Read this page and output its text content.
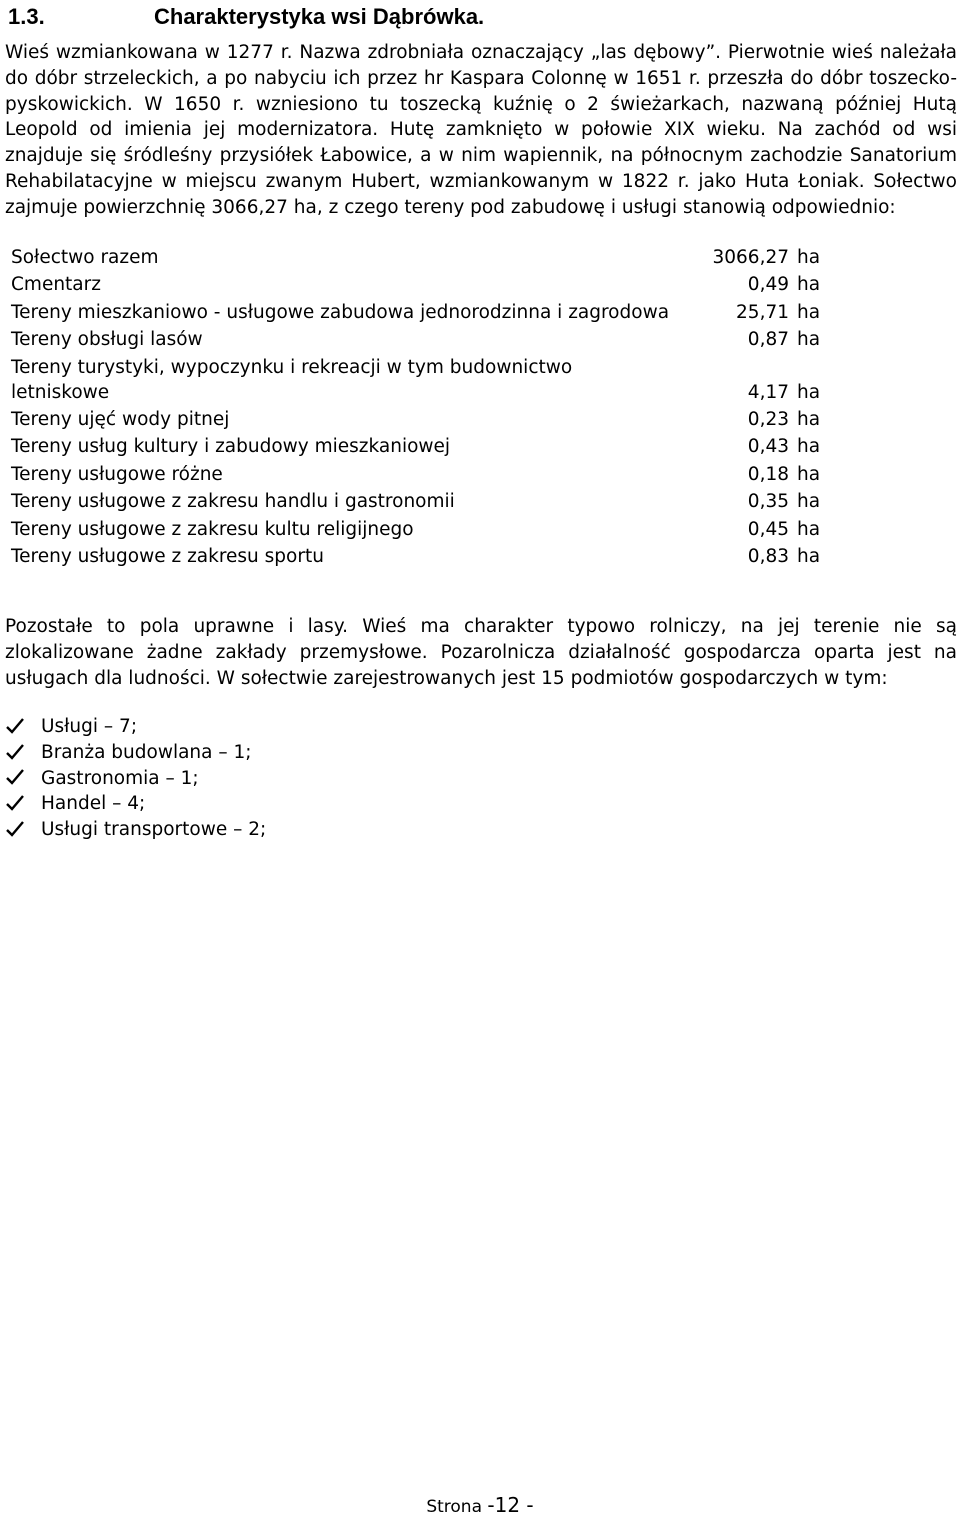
1.3.	Charakterystyka wsi Dąbrówka.

Wieś wzmiankowana w 1277 r. Nazwa zdrobniała oznaczający „las dębowy”. Pierwotnie wieś należała do dóbr strzeleckich, a po nabyciu ich przez hr Kaspara Colonnę w 1651 r. przeszła do dóbr toszecko-pyskowickich. W 1650 r. wzniesiono tu toszecką kuźnię o 2 świeżarkach, nazwaną później Hutą Leopold od imienia jej modernizatora. Hutę zamknięto w połowie XIX wieku. Na zachód od wsi znajduje się śródleśny przysiółek Łabowice, a w nim wapiennik, na północnym zachodzie Sanatorium Rehabilatacyjne w miejscu zwanym Hubert, wzmiankowanym w 1822 r. jako Huta Łoniak. Sołectwo zajmuje powierzchnię 3066,27 ha, z czego tereny pod zabudowę i usługi stanowią odpowiednio:

Sołectwo razem	3066,27 ha
Cmentarz	0,49 ha
Tereny mieszkaniowo - usługowe zabudowa jednorodzinna i zagrodowa	25,71 ha
Tereny obsługi lasów	0,87 ha
Tereny turystyki, wypoczynku i rekreacji w tym budownictwo letniskowe	4,17 ha
Tereny ujęć wody pitnej	0,23 ha
Tereny usług kultury i zabudowy mieszkaniowej	0,43 ha
Tereny usługowe różne	0,18 ha
Tereny usługowe z zakresu handlu i gastronomii	0,35 ha
Tereny usługowe z zakresu kultu religijnego	0,45 ha
Tereny usługowe z zakresu sportu	0,83 ha

Pozostałe to pola uprawne i lasy. Wieś ma charakter typowo rolniczy, na jej terenie nie są zlokalizowane żadne zakłady przemysłowe. Pozarolnicza działalność gospodarcza oparta jest na usługach dla ludności. W sołectwie zarejestrowanych jest 15 podmiotów gospodarczych w tym:

Usługi – 7;
Branża budowlana – 1;
Gastronomia – 1;
Handel – 4;
Usługi transportowe – 2;
Strona -12 -
